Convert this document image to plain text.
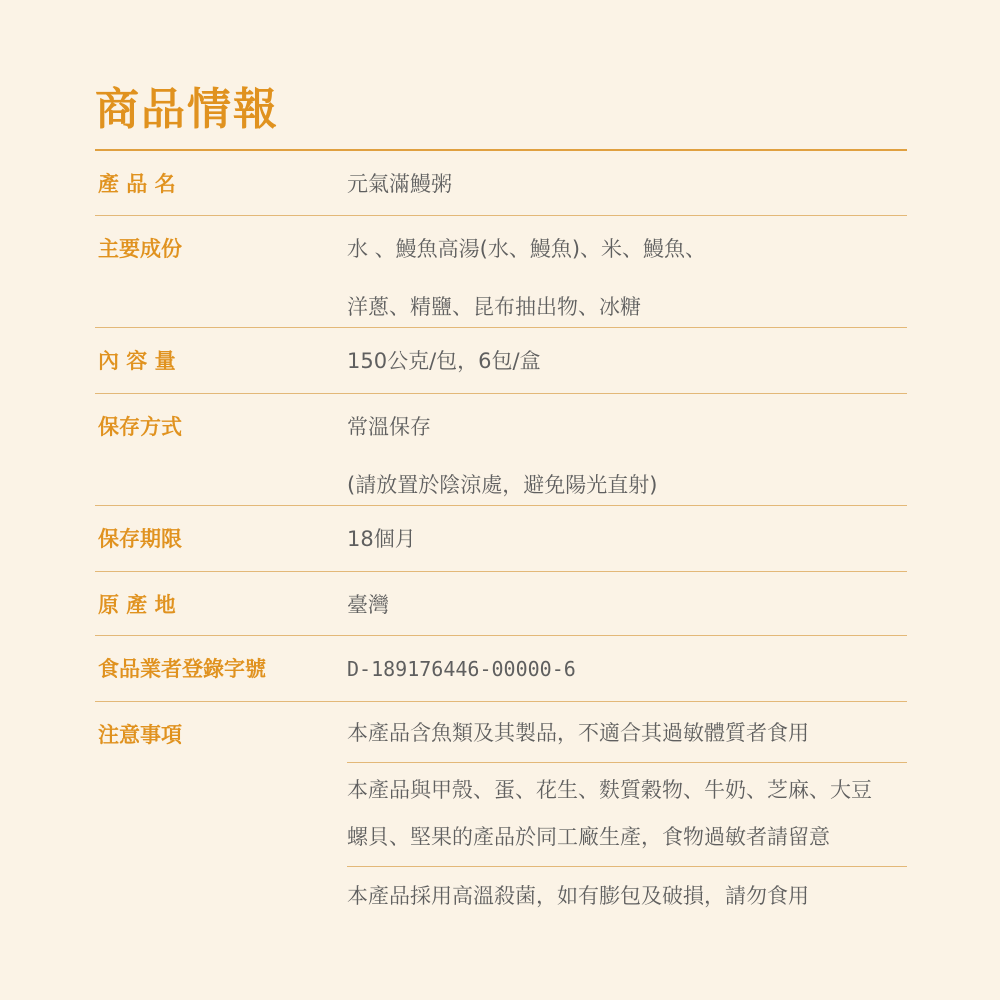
商品情報
產 品 名	元氣滿鰻粥
主要成份	水 、鰻魚高湯(水、鰻魚)、米、鰻魚、
洋蔥、精鹽、昆布抽出物、冰糖
內 容 量	150公克/包，6包/盒
保存方式	常溫保存
(請放置於陰涼處，避免陽光直射)
保存期限	18個月
原 產 地	臺灣
食品業者登錄字號	D-189176446-00000-6
注意事項	本產品含魚類及其製品，不適合其過敏體質者食用
本產品與甲殼、蛋、花生、麩質穀物、牛奶、芝麻、大豆
螺貝、堅果的產品於同工廠生產，食物過敏者請留意
本產品採用高溫殺菌，如有膨包及破損，請勿食用
